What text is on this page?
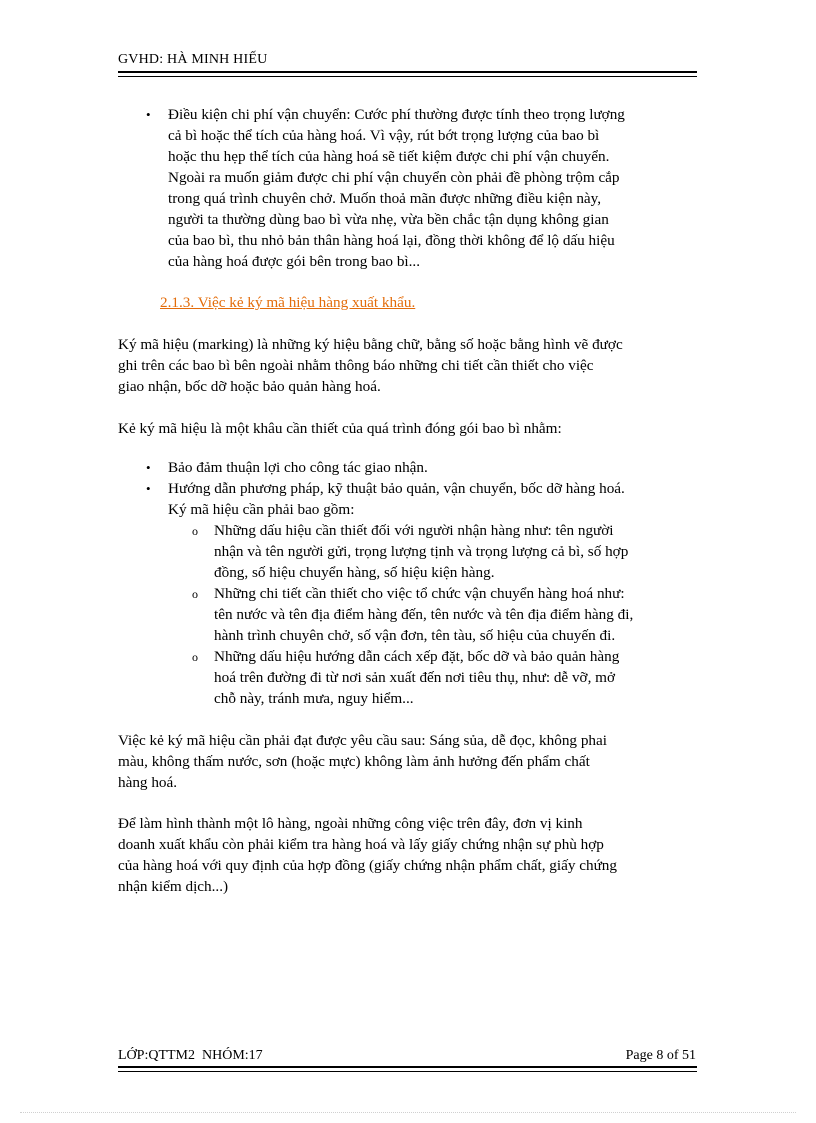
GVHD: HÀ MINH HIẾU
• Điều kiện chi phí vận chuyển: Cước phí thường được tính theo trọng lượng
cả bì hoặc thể tích của hàng hoá. Vì vậy, rút bớt trọng lượng của bao bì
hoặc thu hẹp thể tích của hàng hoá sẽ tiết kiệm được chi phí vận chuyển.
Ngoài ra muốn giảm được chi phí vận chuyển còn phải đề phòng trộm cắp
trong quá trình chuyên chở. Muốn thoả mãn được những điều kiện này,
người ta thường dùng bao bì vừa nhẹ, vừa bền chắc tận dụng không gian
của bao bì, thu nhỏ bản thân hàng hoá lại, đồng thời không để lộ dấu hiệu
của hàng hoá được gói bên trong bao bì...
2.1.3. Việc kẻ ký mã hiệu hàng xuất khẩu.
Ký mã hiệu (marking) là những ký hiệu bằng chữ, bằng số hoặc bằng hình vẽ được
ghi trên các bao bì bên ngoài nhằm thông báo những chi tiết cần thiết cho việc
giao nhận, bốc dỡ hoặc bảo quản hàng hoá.
Kẻ ký mã hiệu là một khâu cần thiết của quá trình đóng gói bao bì nhằm:
• Bảo đảm thuận lợi cho công tác giao nhận.
• Hướng dẫn phương pháp, kỹ thuật bảo quản, vận chuyển, bốc dỡ hàng hoá.
Ký mã hiệu cần phải bao gồm:
o Những dấu hiệu cần thiết đối với người nhận hàng như: tên người
nhận và tên người gửi, trọng lượng tịnh và trọng lượng cả bì, số hợp
đồng, số hiệu chuyển hàng, số hiệu kiện hàng.
o Những chi tiết cần thiết cho việc tổ chức vận chuyển hàng hoá như:
tên nước và tên địa điểm hàng đến, tên nước và tên địa điểm hàng đi,
hành trình chuyên chở, số vận đơn, tên tàu, số hiệu của chuyến đi.
o Những dấu hiệu hướng dẫn cách xếp đặt, bốc dỡ và bảo quản hàng
hoá trên đường đi từ nơi sản xuất đến nơi tiêu thụ, như: dễ vỡ, mở
chỗ này, tránh mưa, nguy hiểm...
Việc kẻ ký mã hiệu cần phải đạt được yêu cầu sau: Sáng sủa, dễ đọc, không phai
màu, không thấm nước, sơn (hoặc mực) không làm ảnh hưởng đến phẩm chất
hàng hoá.
Để làm hình thành một lô hàng, ngoài những công việc trên đây, đơn vị kinh
doanh xuất khẩu còn phải kiểm tra hàng hoá và lấy giấy chứng nhận sự phù hợp
của hàng hoá với quy định của hợp đồng (giấy chứng nhận phẩm chất, giấy chứng
nhận kiểm dịch...)
LỚP:QTTM2  NHÓM:17	Page 8 of 51
